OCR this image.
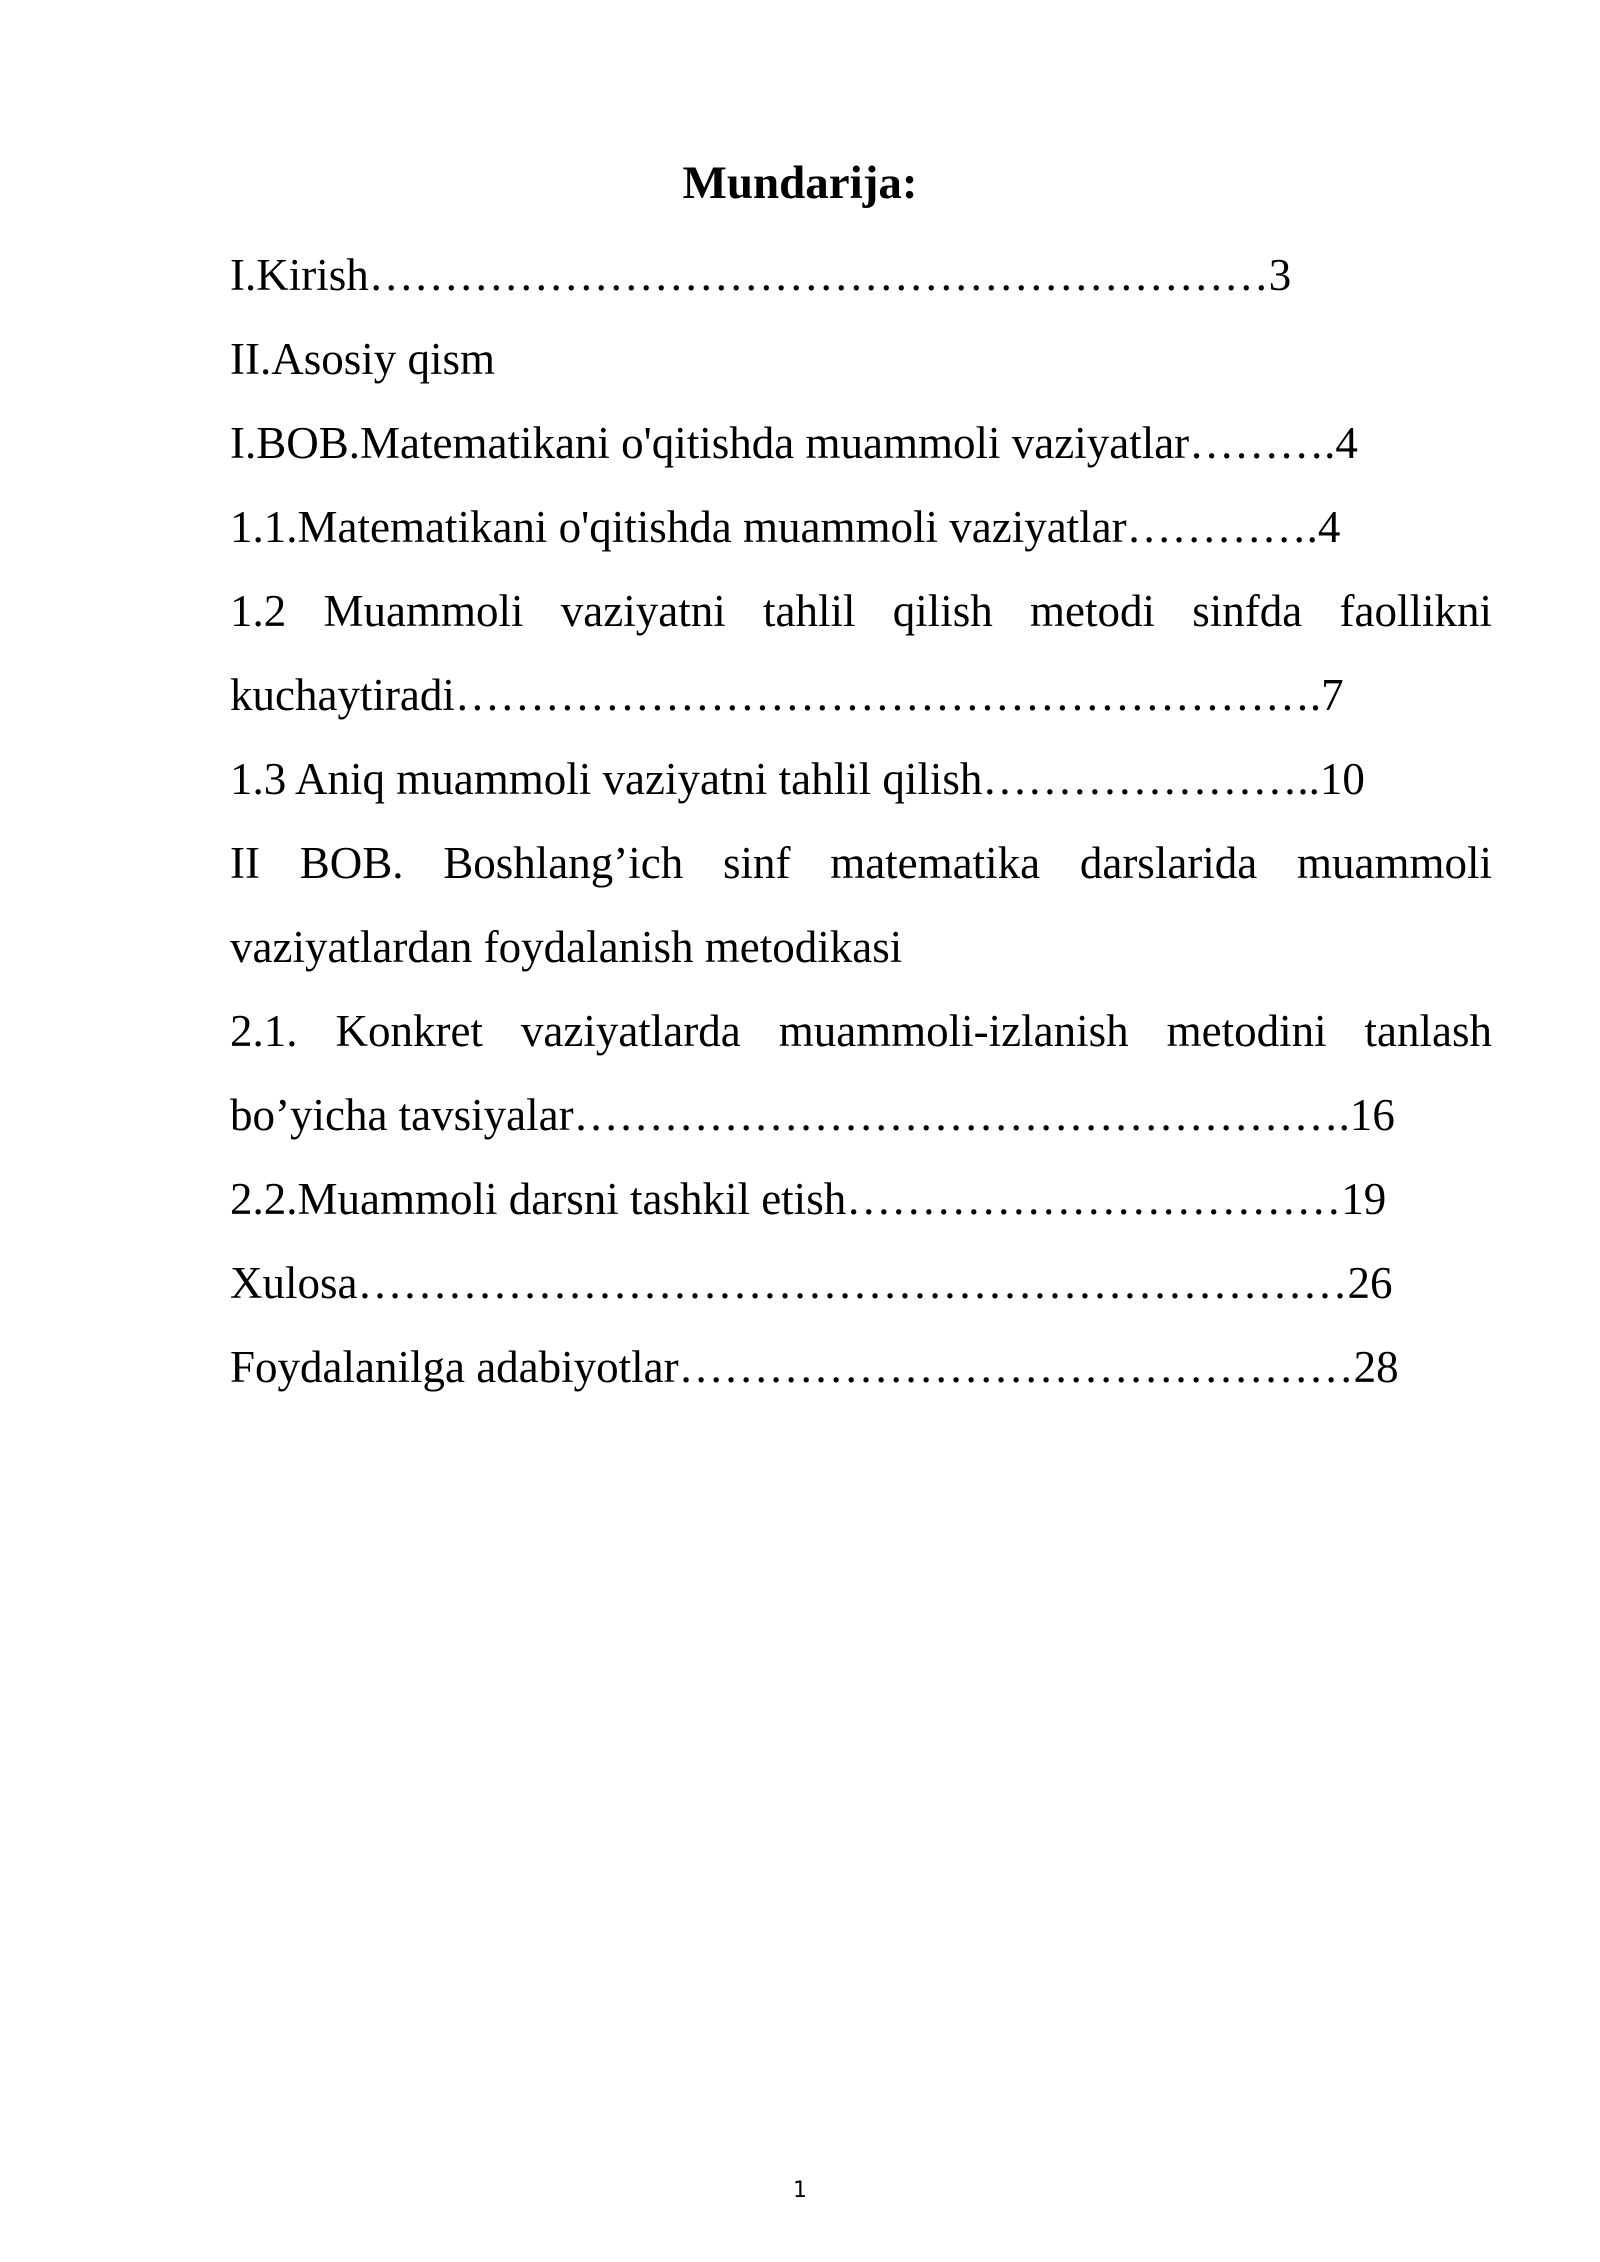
Mundarija:
I.Kirish……………………………………………………3
II.Asosiy qism
I.BOB.Matematikani o'qitishda muammoli vaziyatlar……….4
1.1.Matematikani o'qitishda muammoli vaziyatlar………….4
1.2 Muammoli vaziyatni tahlil qilish metodi sinfda faollikni
kuchaytiradi………………………………………………….7
1.3 Aniq muammoli vaziyatni tahlil qilish…………………..10
II BOB. Boshlang’ich sinf matematika darslarida muammoli
vaziyatlardan foydalanish metodikasi
2.1. Konkret vaziyatlarda muammoli-izlanish metodini tanlash
bo’yicha tavsiyalar…………………………………………….16
2.2.Muammoli darsni tashkil etish……………………………19
Xulosa…………………………………………………………26
Foydalanilga adabiyotlar………………………………………28
1
